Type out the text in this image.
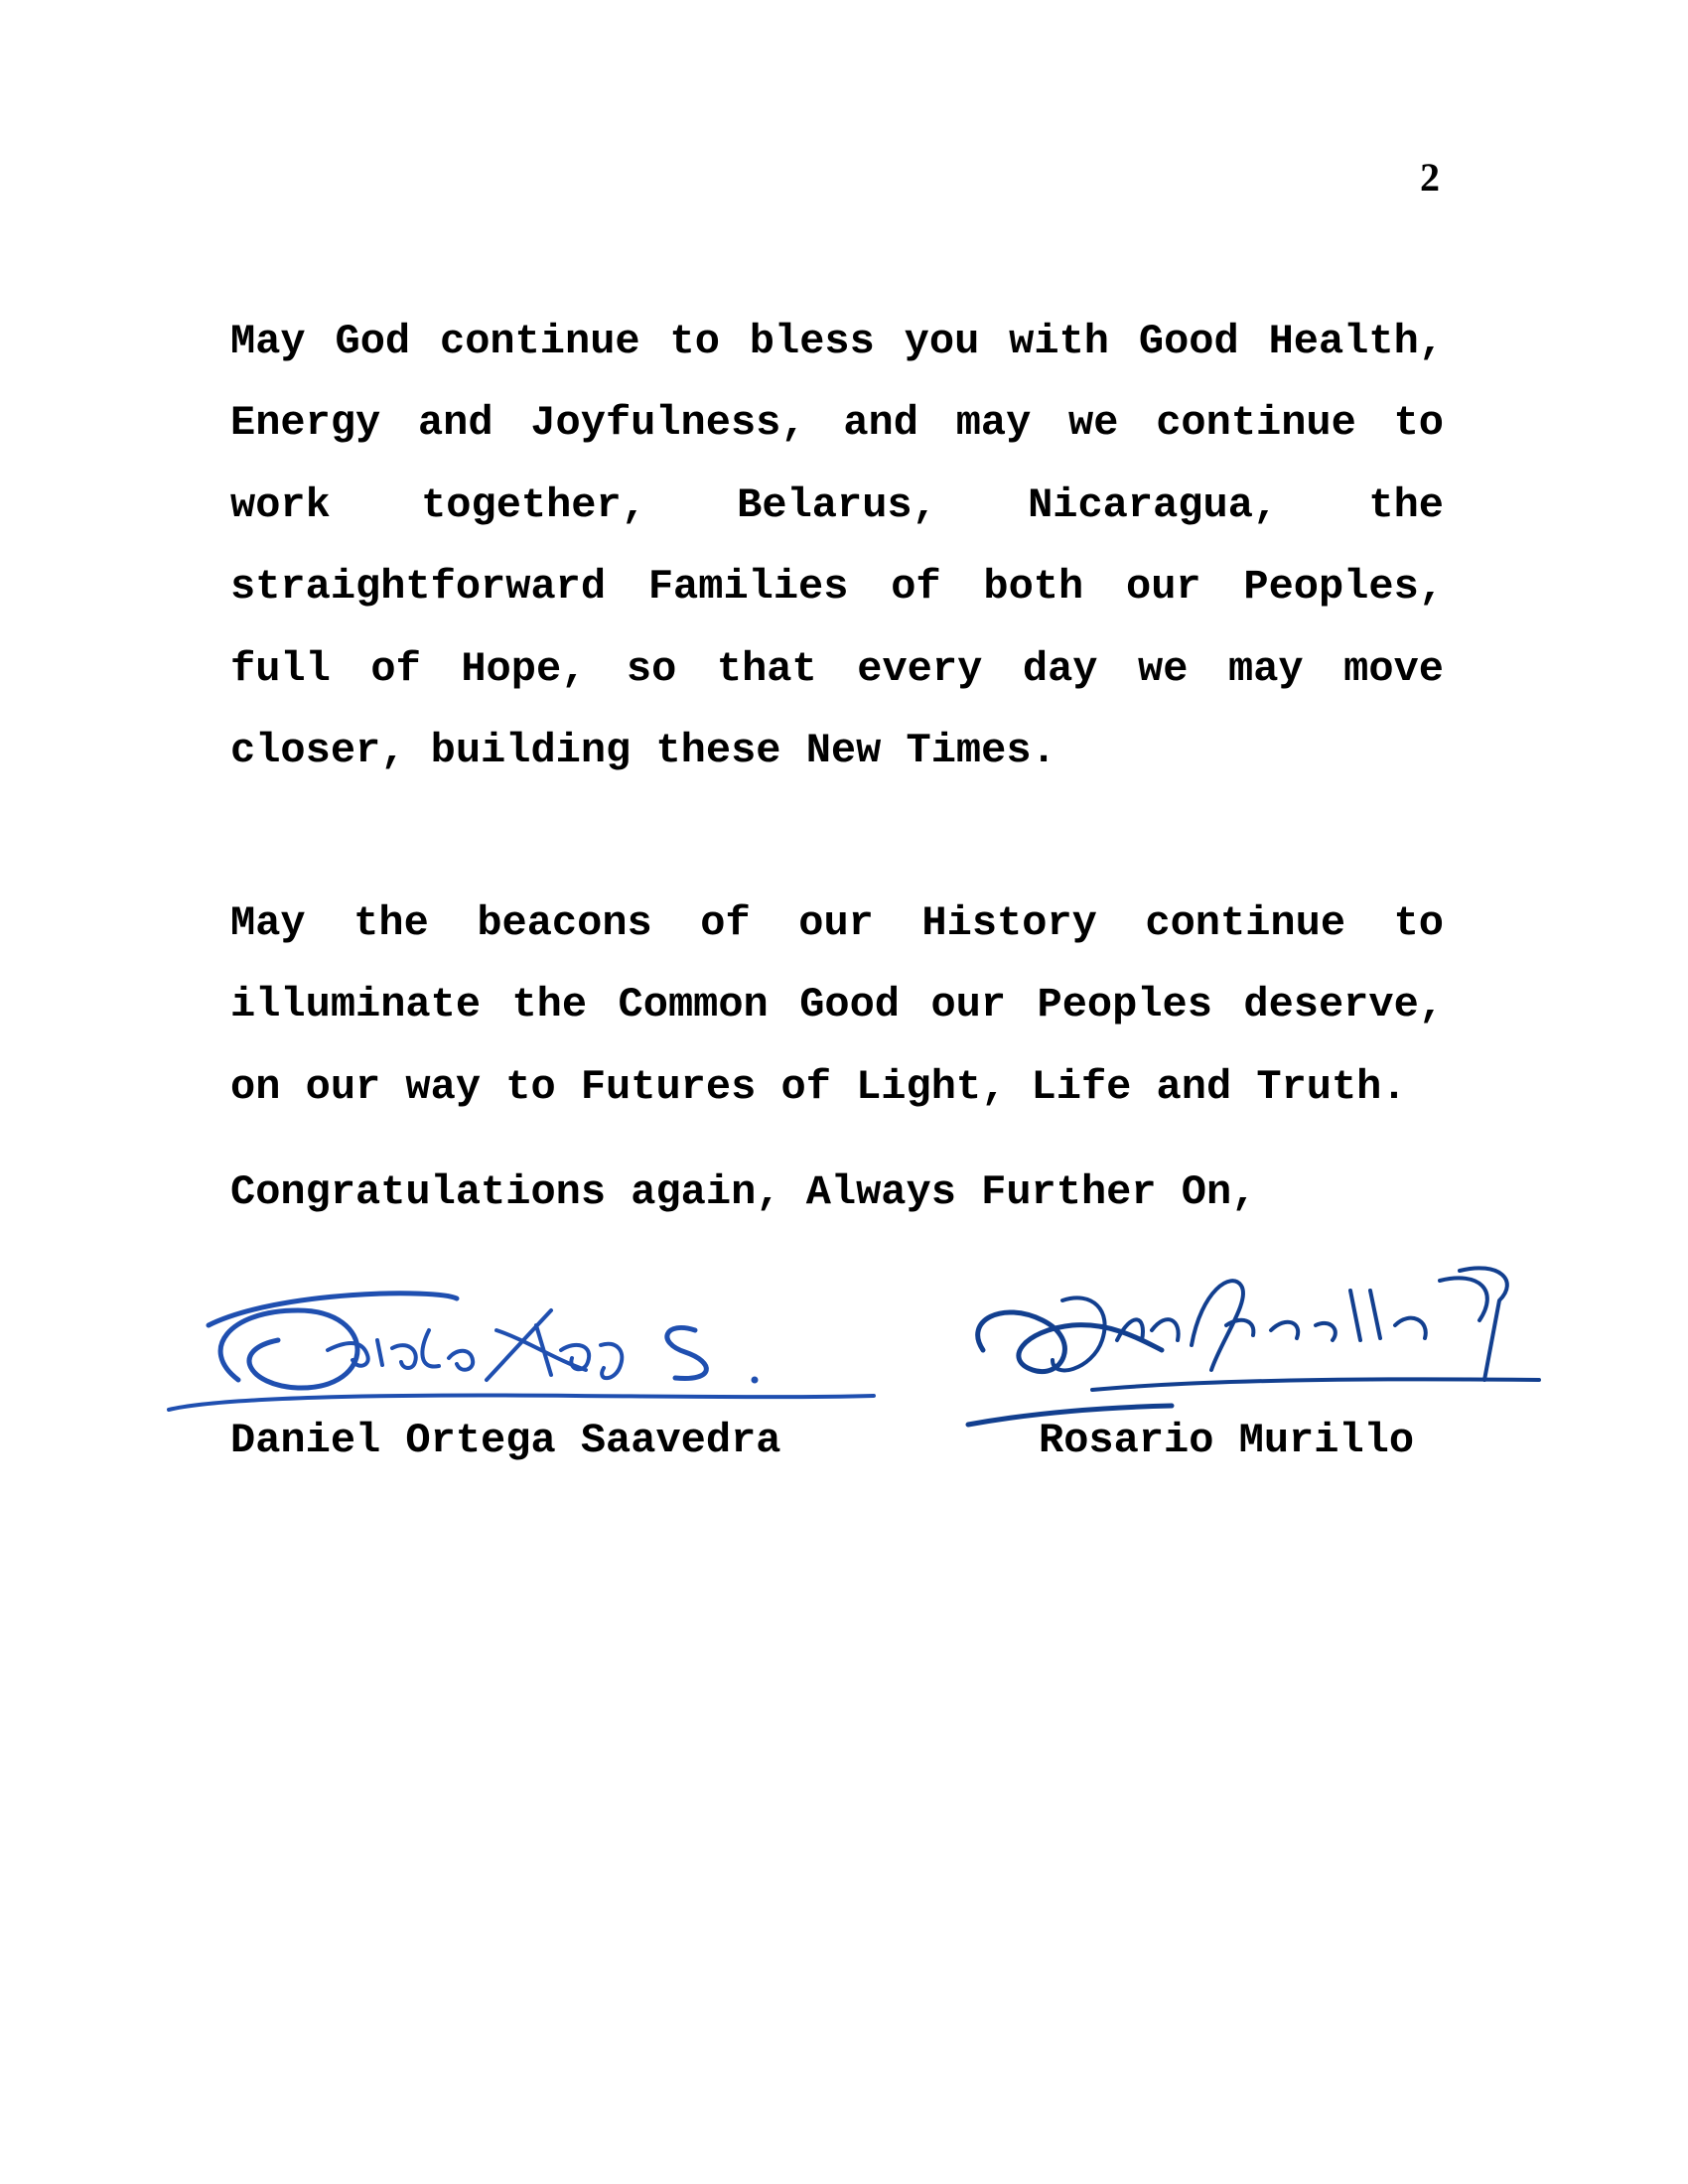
2

May God continue to bless you with Good Health, Energy and Joyfulness, and may we continue to work together, Belarus, Nicaragua, the straightforward Families of both our Peoples, full of Hope, so that every day we may move closer, building these New Times.

May the beacons of our History continue to illuminate the Common Good our Peoples deserve, on our way to Futures of Light, Life and Truth.

Congratulations again, Always Further On,
Daniel Ortega Saavedra	Rosario Murillo
